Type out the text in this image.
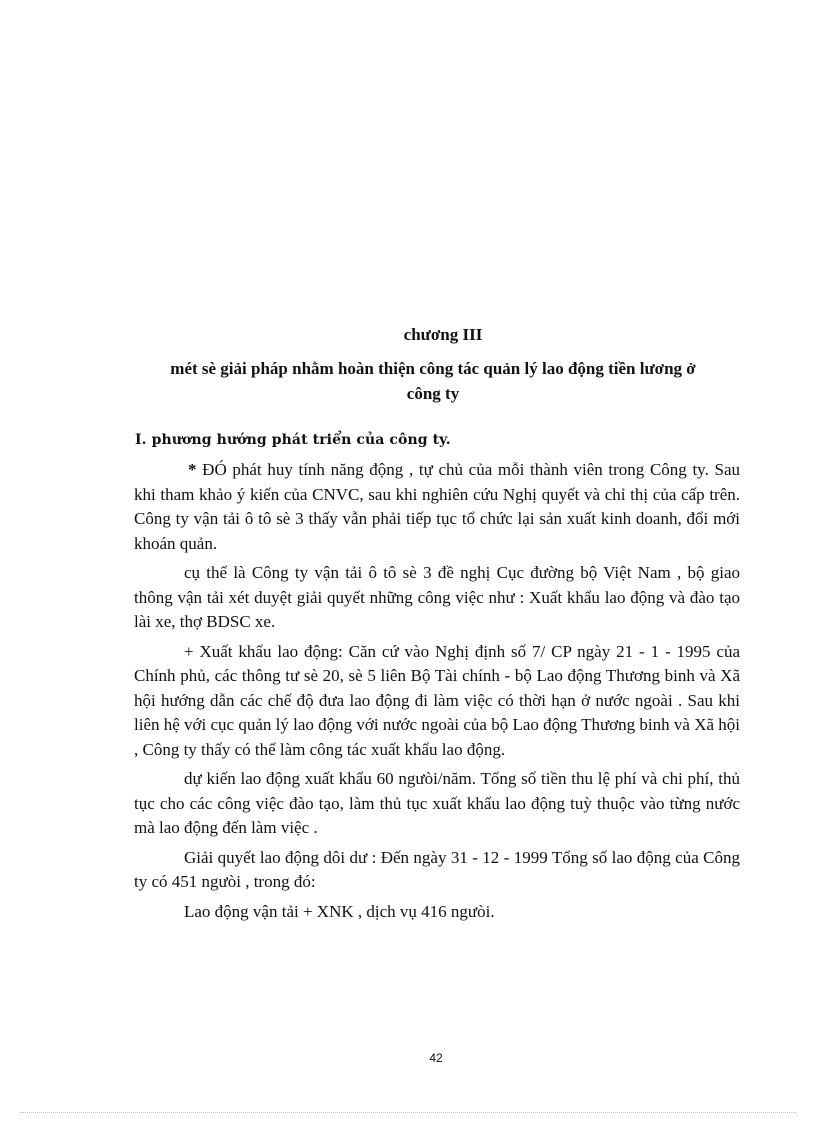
chương III
mét sè giải pháp nhằm hoàn thiện công tác quản lý lao động tiền lương ở công ty
I. phương hướng phát triển của công ty.

* ĐÓ phát huy tính năng động , tự chủ của mỗi thành viên trong Công ty. Sau khi tham khảo ý kiến của CNVC, sau khi nghiên cứu Nghị quyết và chỉ thị của cấp trên. Công ty vận tải ô tô sè 3 thấy vẫn phải tiếp tục tổ chức lại sản xuất kinh doanh, đổi mới khoán quản.

cụ thể là Công ty vận tải ô tô sè 3 đề nghị Cục đường bộ Việt Nam , bộ giao thông vận tải xét duyệt giải quyết những công việc như : Xuất khẩu lao động và đào tạo lài xe, thợ BDSC xe.

+ Xuất khẩu lao động: Căn cứ vào Nghị định số 7/ CP ngày 21 - 1 - 1995 của Chính phủ, các thông tư sè 20, sè 5 liên Bộ Tài chính - bộ Lao động Thương binh và Xã hội hướng dẫn các chế độ đưa lao động đi làm việc có thời hạn ở nước ngoài . Sau khi liên hệ với cục quản lý lao động với nước ngoài của bộ Lao động Thương binh và Xã hội , Công ty thấy có thể làm công tác xuất khẩu lao động.

dự kiến lao động xuất khẩu 60 ngưòi/năm. Tổng số tiền thu lệ phí và chi phí, thủ tục cho các công việc đào tạo, làm thủ tục xuất khẩu lao động tuỳ thuộc vào từng nước mà lao động đến làm việc .

Giải quyết lao động dôi dư : Đến ngày 31 - 12 - 1999 Tổng số lao động của Công ty có 451 ngưòi , trong đó:

Lao động vận tải + XNK , dịch vụ 416 ngưòi.

42
